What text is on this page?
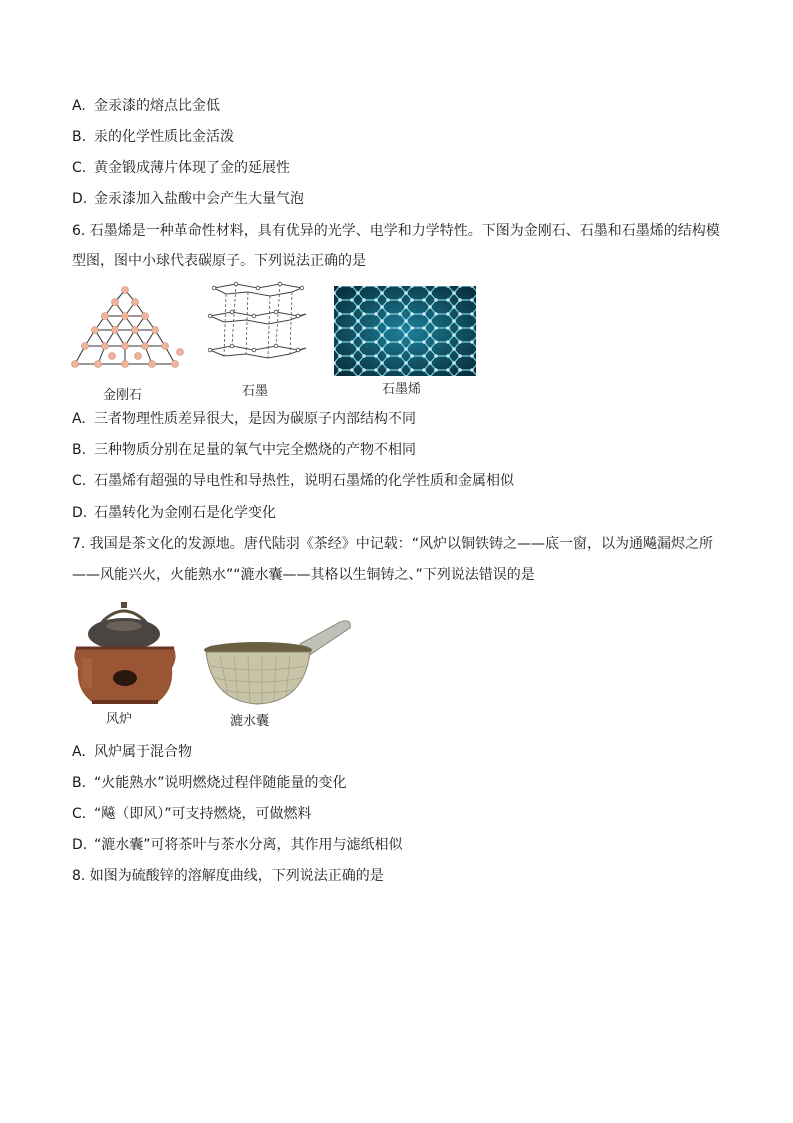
A. 金汞漆的熔点比金低
B. 汞的化学性质比金活泼
C. 黄金锻成薄片体现了金的延展性
D. 金汞漆加入盐酸中会产生大量气泡
6. 石墨烯是一种革命性材料，具有优异的光学、电学和力学特性。下图为金刚石、石墨和石墨烯的结构模
型图，图中小球代表碳原子。下列说法正确的是
金刚石	石墨	石墨烯
A. 三者物理性质差异很大，是因为碳原子内部结构不同
B. 三种物质分别在足量的氧气中完全燃烧的产物不相同
C. 石墨烯有超强的导电性和导热性，说明石墨烯的化学性质和金属相似
D. 石墨转化为金刚石是化学变化
7. 我国是茶文化的发源地。唐代陆羽《茶经》中记载：“风炉以铜铁铸之——底一窗，以为通飚漏烬之所
——风能兴火，火能熟水”“漉水囊——其格以生铜铸之、”下列说法错误的是
风炉	漉水囊
A. 风炉属于混合物
B. “火能熟水”说明燃烧过程伴随能量的变化
C. “飚（即风）”可支持燃烧，可做燃料
D. “漉水囊”可将茶叶与茶水分离，其作用与滤纸相似
8. 如图为硫酸锌的溶解度曲线，下列说法正确的是
